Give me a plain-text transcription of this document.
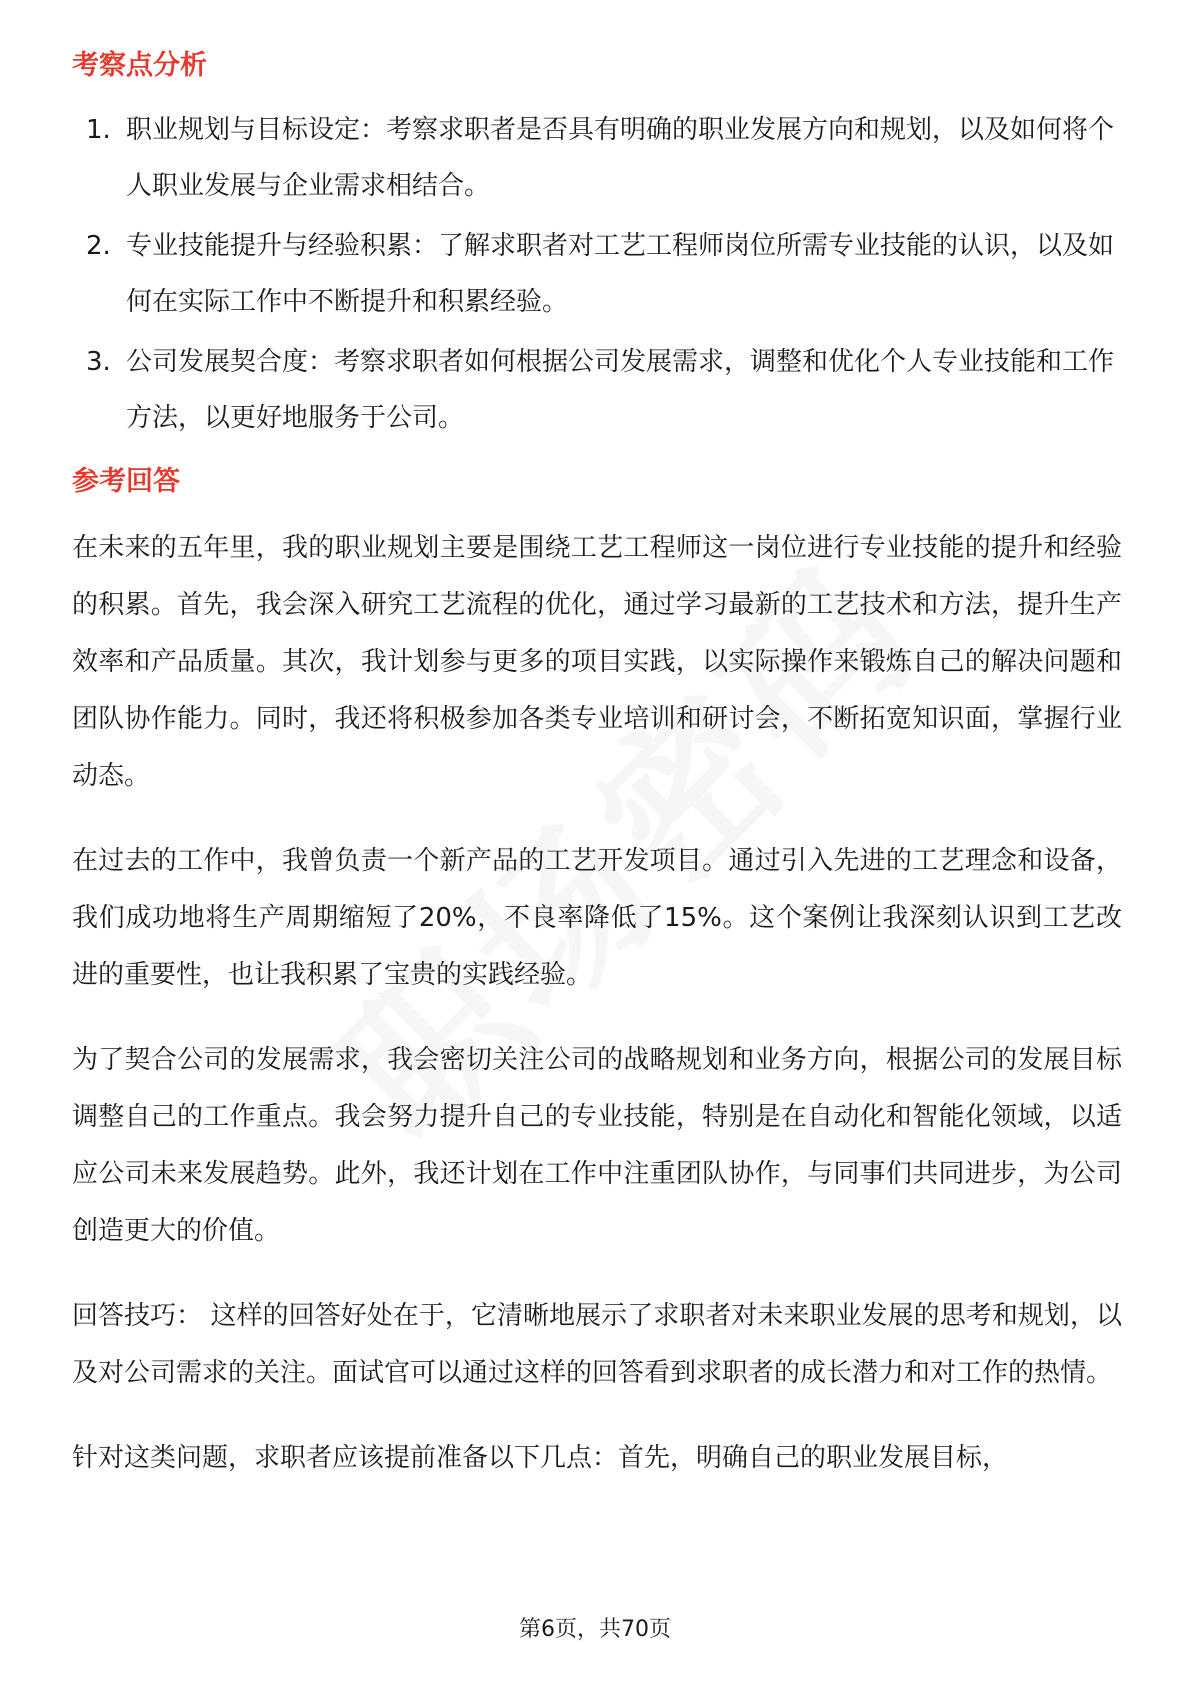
考察点分析
1. 职业规划与目标设定：考察求职者是否具有明确的职业发展方向和规划，以及如何将个人职业发展与企业需求相结合。
2. 专业技能提升与经验积累：了解求职者对工艺工程师岗位所需专业技能的认识，以及如何在实际工作中不断提升和积累经验。
3. 公司发展契合度：考察求职者如何根据公司发展需求，调整和优化个人专业技能和工作方法，以更好地服务于公司。
参考回答

在未来的五年里，我的职业规划主要是围绕工艺工程师这一岗位进行专业技能的提升和经验的积累。首先，我会深入研究工艺流程的优化，通过学习最新的工艺技术和方法，提升生产效率和产品质量。其次，我计划参与更多的项目实践，以实际操作来锻炼自己的解决问题和团队协作能力。同时，我还将积极参加各类专业培训和研讨会，不断拓宽知识面，掌握行业动态。

在过去的工作中，我曾负责一个新产品的工艺开发项目。通过引入先进的工艺理念和设备，我们成功地将生产周期缩短了20%，不良率降低了15%。这个案例让我深刻认识到工艺改进的重要性，也让我积累了宝贵的实践经验。

为了契合公司的发展需求，我会密切关注公司的战略规划和业务方向，根据公司的发展目标调整自己的工作重点。我会努力提升自己的专业技能，特别是在自动化和智能化领域，以适应公司未来发展趋势。此外，我还计划在工作中注重团队协作，与同事们共同进步，为公司创造更大的价值。

回答技巧： 这样的回答好处在于，它清晰地展示了求职者对未来职业发展的思考和规划，以及对公司需求的关注。面试官可以通过这样的回答看到求职者的成长潜力和对工作的热情。

针对这类问题，求职者应该提前准备以下几点：首先，明确自己的职业发展目标，

第6页，共70页
